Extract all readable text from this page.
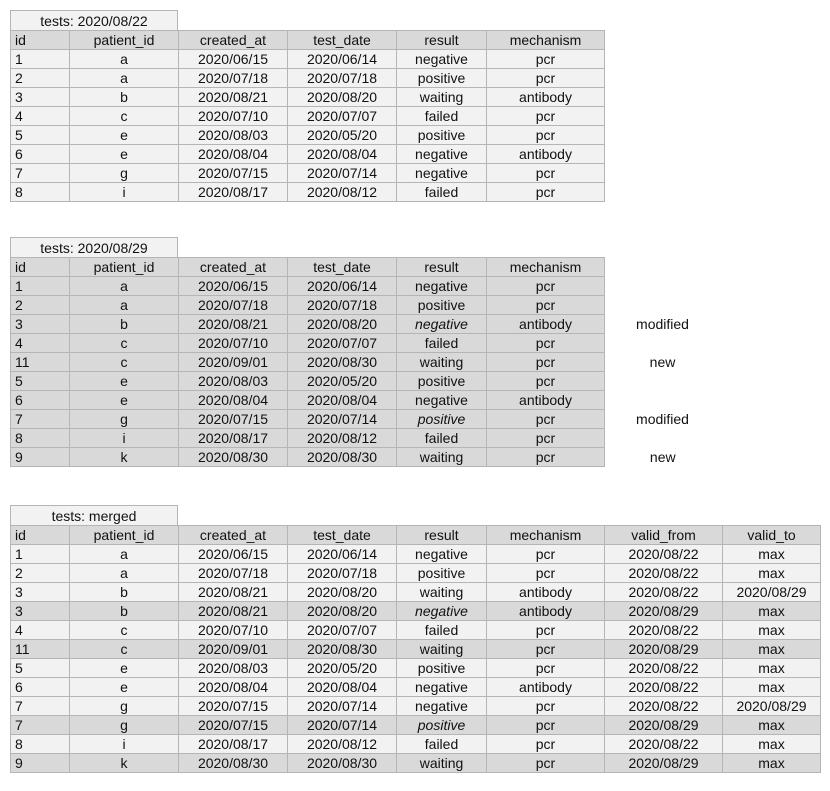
tests: 2020/08/22
id	patient_id	created_at	test_date	result	mechanism
1	a	2020/06/15	2020/06/14	negative	pcr
2	a	2020/07/18	2020/07/18	positive	pcr
3	b	2020/08/21	2020/08/20	waiting	antibody
4	c	2020/07/10	2020/07/07	failed	pcr
5	e	2020/08/03	2020/05/20	positive	pcr
6	e	2020/08/04	2020/08/04	negative	antibody
7	g	2020/07/15	2020/07/14	negative	pcr
8	i	2020/08/17	2020/08/12	failed	pcr
tests: 2020/08/29
id	patient_id	created_at	test_date	result	mechanism	
1	a	2020/06/15	2020/06/14	negative	pcr	
2	a	2020/07/18	2020/07/18	positive	pcr	
3	b	2020/08/21	2020/08/20	negative	antibody	modified
4	c	2020/07/10	2020/07/07	failed	pcr	
11	c	2020/09/01	2020/08/30	waiting	pcr	new
5	e	2020/08/03	2020/05/20	positive	pcr	
6	e	2020/08/04	2020/08/04	negative	antibody	
7	g	2020/07/15	2020/07/14	positive	pcr	modified
8	i	2020/08/17	2020/08/12	failed	pcr	
9	k	2020/08/30	2020/08/30	waiting	pcr	new
tests: merged
id	patient_id	created_at	test_date	result	mechanism	valid_from	valid_to
1	a	2020/06/15	2020/06/14	negative	pcr	2020/08/22	max
2	a	2020/07/18	2020/07/18	positive	pcr	2020/08/22	max
3	b	2020/08/21	2020/08/20	waiting	antibody	2020/08/22	2020/08/29
3	b	2020/08/21	2020/08/20	negative	antibody	2020/08/29	max
4	c	2020/07/10	2020/07/07	failed	pcr	2020/08/22	max
11	c	2020/09/01	2020/08/30	waiting	pcr	2020/08/29	max
5	e	2020/08/03	2020/05/20	positive	pcr	2020/08/22	max
6	e	2020/08/04	2020/08/04	negative	antibody	2020/08/22	max
7	g	2020/07/15	2020/07/14	negative	pcr	2020/08/22	2020/08/29
7	g	2020/07/15	2020/07/14	positive	pcr	2020/08/29	max
8	i	2020/08/17	2020/08/12	failed	pcr	2020/08/22	max
9	k	2020/08/30	2020/08/30	waiting	pcr	2020/08/29	max
